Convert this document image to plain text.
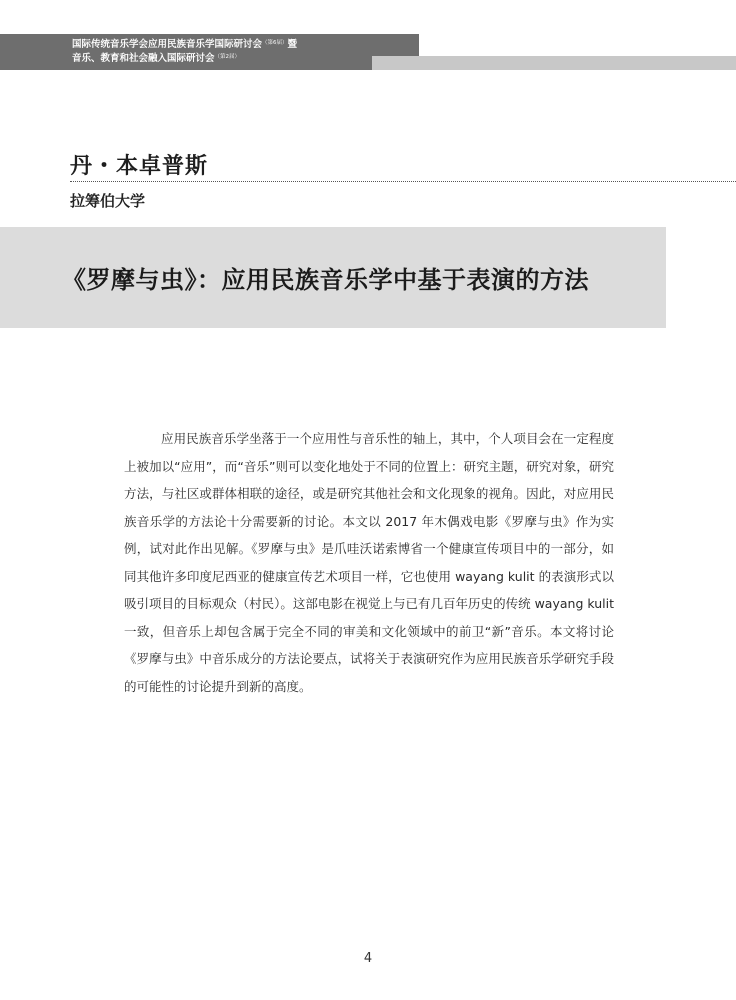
国际传统音乐学会应用民族音乐学国际研讨会$^{(第6届)}$暨
音乐、教育和社会融入国际研讨会$^{(第2届)}$
丹・本卓普斯
拉筹伯大学
《罗摩与虫》：应用民族音乐学中基于表演的方法

应用民族音乐学坐落于一个应用性与音乐性的轴上，其中，个人项目会在一定程度上被加以“应用”，而“音乐”则可以变化地处于不同的位置上：研究主题，研究对象，研究方法，与社区或群体相联的途径，或是研究其他社会和文化现象的视角。因此，对应用民族音乐学的方法论十分需要新的讨论。本文以 2017 年木偶戏电影《罗摩与虫》作为实例，试对此作出见解。《罗摩与虫》是爪哇沃诺索博省一个健康宣传项目中的一部分，如同其他许多印度尼西亚的健康宣传艺术项目一样，它也使用 wayang kulit 的表演形式以吸引项目的目标观众（村民）。这部电影在视觉上与已有几百年历史的传统 wayang kulit 一致，但音乐上却包含属于完全不同的审美和文化领域中的前卫“新”音乐。本文将讨论《罗摩与虫》中音乐成分的方法论要点，试将关于表演研究作为应用民族音乐学研究手段的可能性的讨论提升到新的高度。

4
